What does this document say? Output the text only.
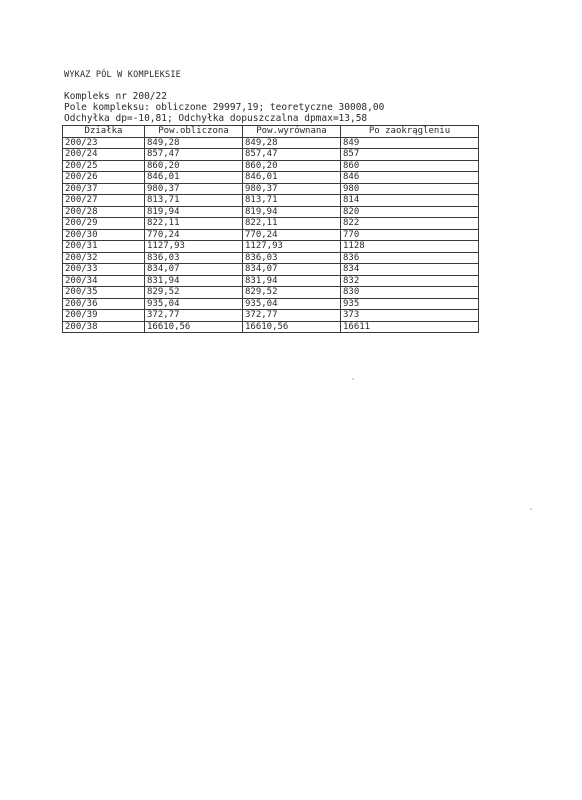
WYKAZ PÓL W KOMPLEKSIE
Kompleks nr 200/22
Pole kompleksu: obliczone 29997,19; teoretyczne 30008,00
Odchyłka dp=-10,81; Odchyłka dopuszczalna dpmax=13,58
Działka	Pow.obliczona	Pow.wyrównana	Po zaokrągleniu
200/23	849,28	849,28	849
200/24	857,47	857,47	857
200/25	860,20	860,20	860
200/26	846,01	846,01	846
200/37	980,37	980,37	980
200/27	813,71	813,71	814
200/28	819,94	819,94	820
200/29	822,11	822,11	822
200/30	770,24	770,24	770
200/31	1127,93	1127,93	1128
200/32	836,03	836,03	836
200/33	834,07	834,07	834
200/34	831,94	831,94	832
200/35	829,52	829,52	830
200/36	935,04	935,04	935
200/39	372,77	372,77	373
200/38	16610,56	16610,56	16611
